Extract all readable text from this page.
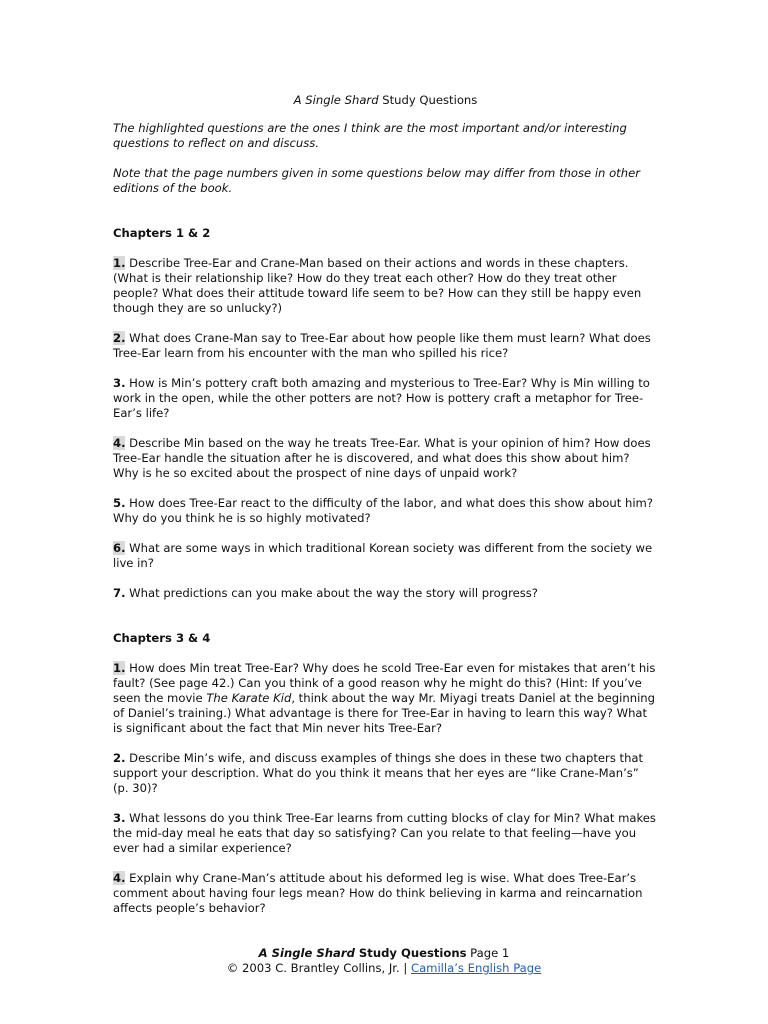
A Single Shard Study Questions

The highlighted questions are the ones I think are the most important and/or interesting questions to reflect on and discuss.

Note that the page numbers given in some questions below may differ from those in other editions of the book.

Chapters 1 & 2

1. Describe Tree-Ear and Crane-Man based on their actions and words in these chapters. (What is their relationship like? How do they treat each other? How do they treat other people? What does their attitude toward life seem to be? How can they still be happy even though they are so unlucky?)

2. What does Crane-Man say to Tree-Ear about how people like them must learn? What does Tree-Ear learn from his encounter with the man who spilled his rice?

3. How is Min’s pottery craft both amazing and mysterious to Tree-Ear? Why is Min willing to work in the open, while the other potters are not? How is pottery craft a metaphor for Tree-Ear’s life?

4. Describe Min based on the way he treats Tree-Ear. What is your opinion of him? How does Tree-Ear handle the situation after he is discovered, and what does this show about him? Why is he so excited about the prospect of nine days of unpaid work?

5. How does Tree-Ear react to the difficulty of the labor, and what does this show about him? Why do you think he is so highly motivated?

6. What are some ways in which traditional Korean society was different from the society we live in?

7. What predictions can you make about the way the story will progress?

Chapters 3 & 4

1. How does Min treat Tree-Ear? Why does he scold Tree-Ear even for mistakes that aren’t his fault? (See page 42.) Can you think of a good reason why he might do this? (Hint: If you’ve seen the movie The Karate Kid, think about the way Mr. Miyagi treats Daniel at the beginning of Daniel’s training.) What advantage is there for Tree-Ear in having to learn this way? What is significant about the fact that Min never hits Tree-Ear?

2. Describe Min’s wife, and discuss examples of things she does in these two chapters that support your description. What do you think it means that her eyes are “like Crane-Man’s” (p. 30)?

3. What lessons do you think Tree-Ear learns from cutting blocks of clay for Min? What makes the mid-day meal he eats that day so satisfying? Can you relate to that feeling—have you ever had a similar experience?

4. Explain why Crane-Man’s attitude about his deformed leg is wise. What does Tree-Ear’s comment about having four legs mean? How do think believing in karma and reincarnation affects people’s behavior?

A Single Shard Study Questions Page 1

© 2003 C. Brantley Collins, Jr. | Camilla’s English Page
